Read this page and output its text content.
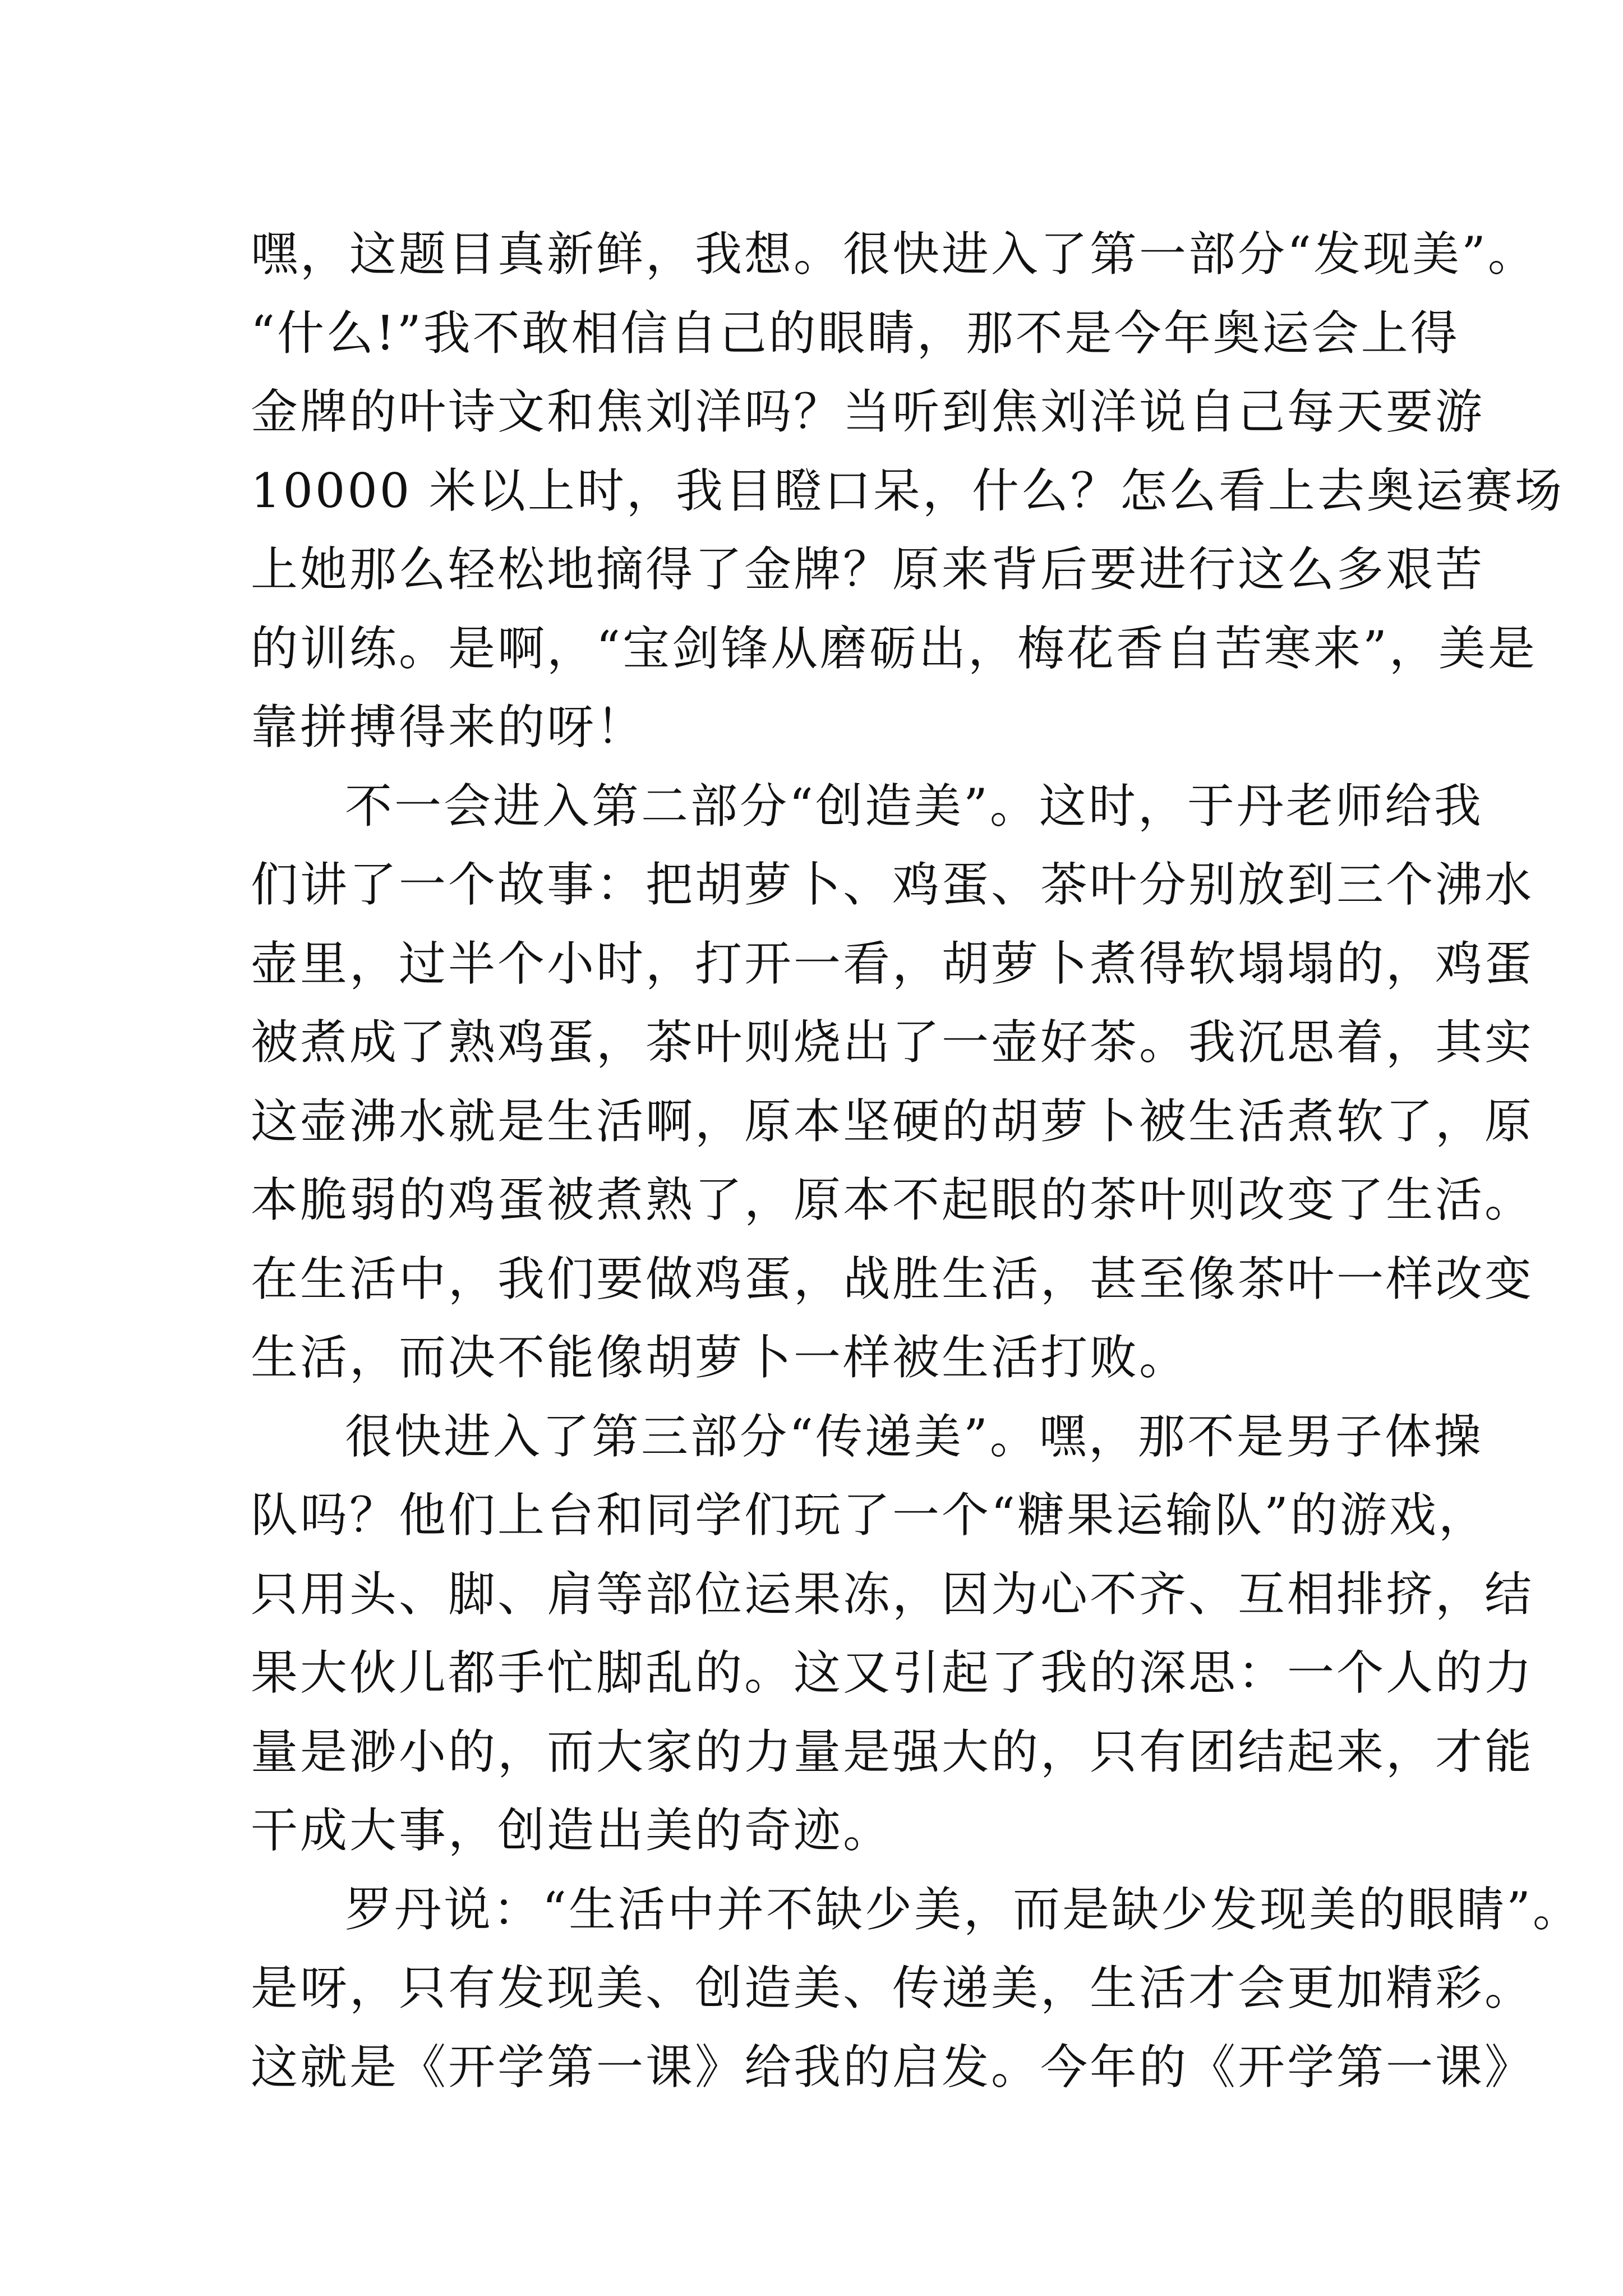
嘿，这题目真新鲜，我想。很快进入了第一部分“发现美”。
“什么!”我不敢相信自己的眼睛，那不是今年奥运会上得
金牌的叶诗文和焦刘洋吗？当听到焦刘洋说自己每天要游
10000 米以上时，我目瞪口呆，什么？怎么看上去奥运赛场
上她那么轻松地摘得了金牌？原来背后要进行这么多艰苦
的训练。是啊，“宝剑锋从磨砺出，梅花香自苦寒来”，美是
靠拼搏得来的呀！
不一会进入第二部分“创造美”。这时，于丹老师给我
们讲了一个故事：把胡萝卜、鸡蛋、茶叶分别放到三个沸水
壶里，过半个小时，打开一看，胡萝卜煮得软塌塌的，鸡蛋
被煮成了熟鸡蛋，茶叶则烧出了一壶好茶。我沉思着，其实
这壶沸水就是生活啊，原本坚硬的胡萝卜被生活煮软了，原
本脆弱的鸡蛋被煮熟了，原本不起眼的茶叶则改变了生活。
在生活中，我们要做鸡蛋，战胜生活，甚至像茶叶一样改变
生活，而决不能像胡萝卜一样被生活打败。
很快进入了第三部分“传递美”。嘿，那不是男子体操
队吗？他们上台和同学们玩了一个“糖果运输队”的游戏，
只用头、脚、肩等部位运果冻，因为心不齐、互相排挤，结
果大伙儿都手忙脚乱的。这又引起了我的深思：一个人的力
量是渺小的，而大家的力量是强大的，只有团结起来，才能
干成大事，创造出美的奇迹。
罗丹说：“生活中并不缺少美，而是缺少发现美的眼睛”。
是呀，只有发现美、创造美、传递美，生活才会更加精彩。
这就是《开学第一课》给我的启发。今年的《开学第一课》
